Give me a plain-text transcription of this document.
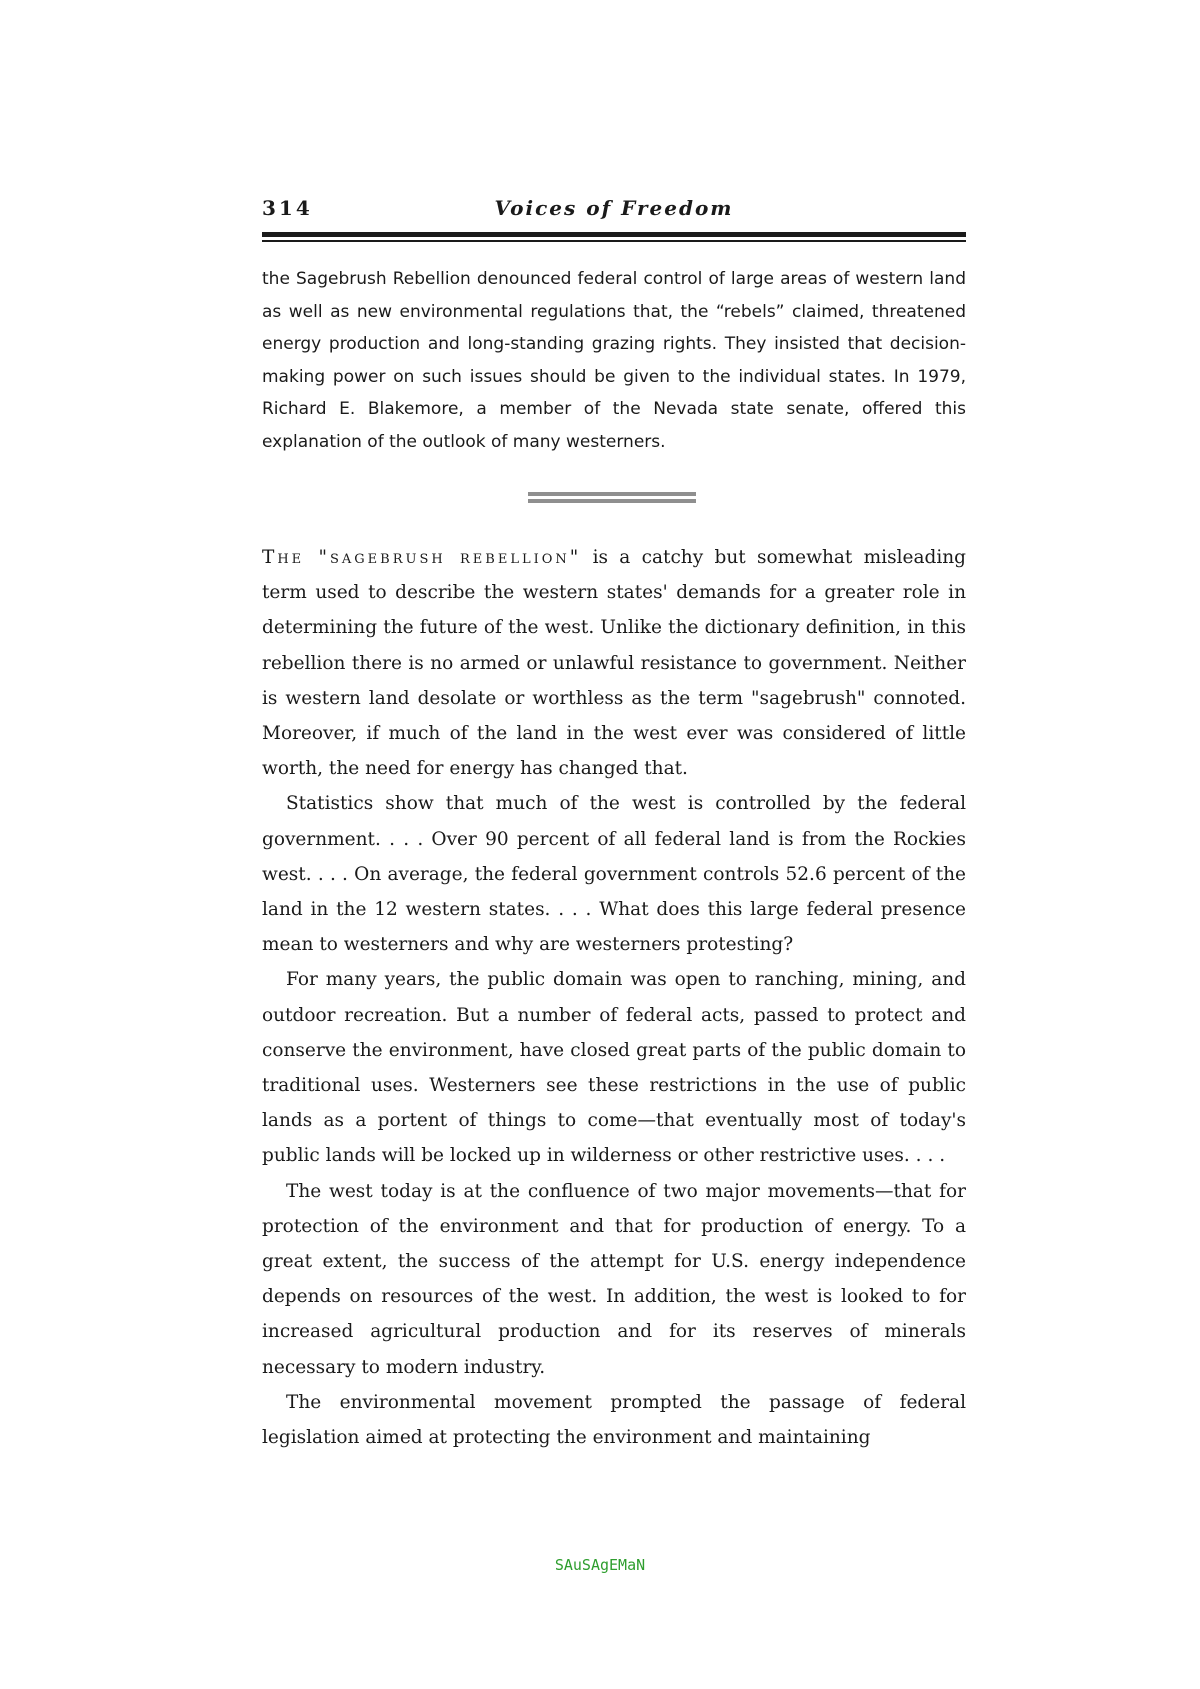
314	Voices of Freedom

the Sagebrush Rebellion denounced federal control of large areas of western land as well as new environmental regulations that, the “rebels” claimed, threatened energy production and long-standing grazing rights. They insisted that decision-making power on such issues should be given to the individual states. In 1979, Richard E. Blakemore, a member of the Nevada state senate, offered this explanation of the outlook of many westerners.

The "sagebrush rebellion" is a catchy but somewhat misleading term used to describe the western states' demands for a greater role in determining the future of the west. Unlike the dictionary definition, in this rebellion there is no armed or unlawful resistance to government. Neither is western land desolate or worthless as the term "sagebrush" connoted. Moreover, if much of the land in the west ever was considered of little worth, the need for energy has changed that.

Statistics show that much of the west is controlled by the federal government. . . . Over 90 percent of all federal land is from the Rockies west. . . . On average, the federal government controls 52.6 percent of the land in the 12 western states. . . . What does this large federal presence mean to westerners and why are westerners protesting?

For many years, the public domain was open to ranching, mining, and outdoor recreation. But a number of federal acts, passed to protect and conserve the environment, have closed great parts of the public domain to traditional uses. Westerners see these restrictions in the use of public lands as a portent of things to come—that eventually most of today's public lands will be locked up in wilderness or other restrictive uses. . . .

The west today is at the confluence of two major movements—that for protection of the environment and that for production of energy. To a great extent, the success of the attempt for U.S. energy independence depends on resources of the west. In addition, the west is looked to for increased agricultural production and for its reserves of minerals necessary to modern industry.

The environmental movement prompted the passage of federal legislation aimed at protecting the environment and maintaining

SAuSAgEMaN
